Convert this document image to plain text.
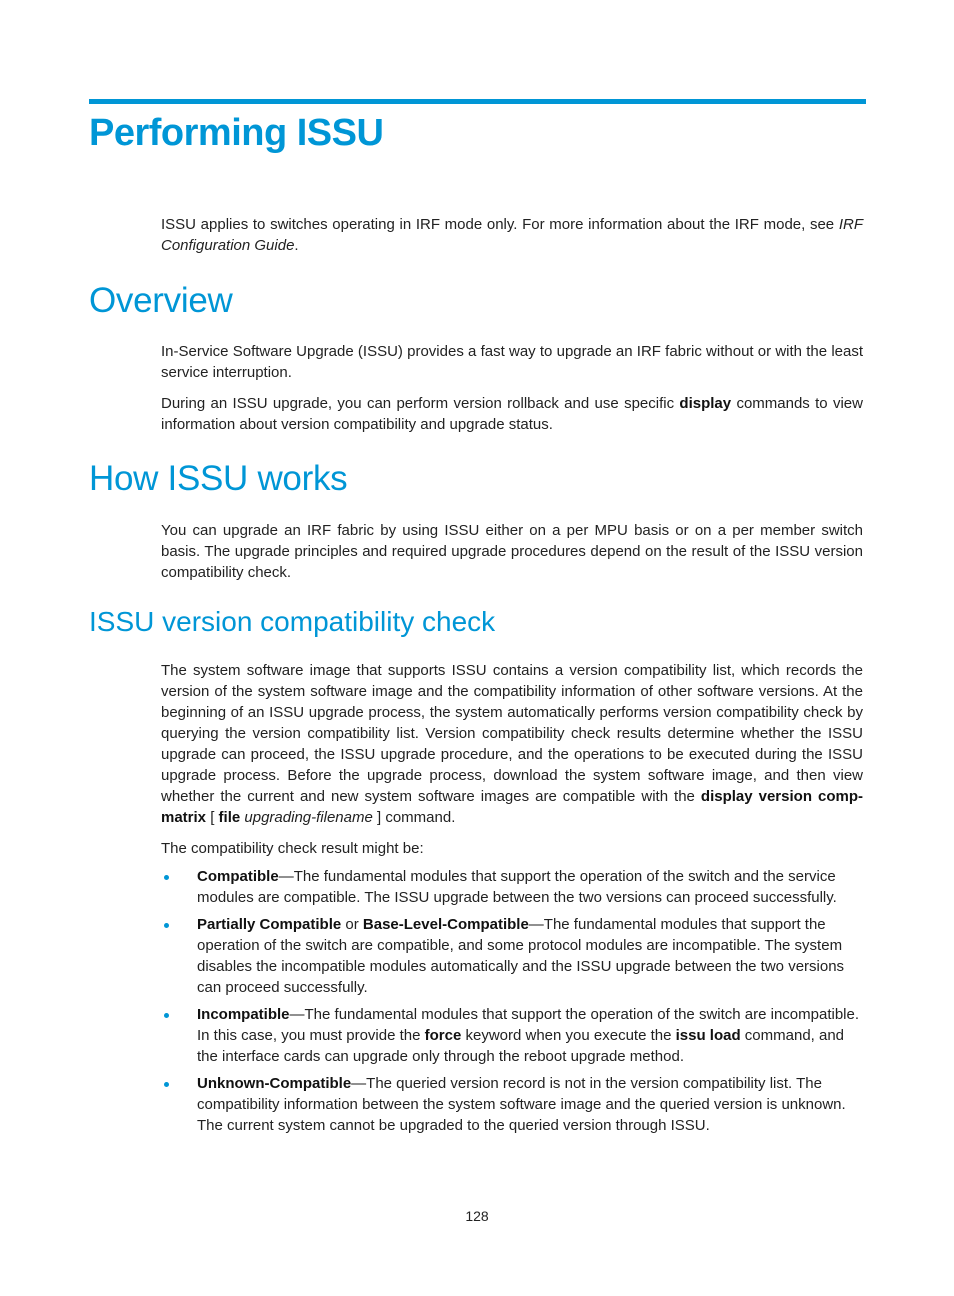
Performing ISSU

ISSU applies to switches operating in IRF mode only. For more information about the IRF mode, see IRF Configuration Guide.

Overview

In-Service Software Upgrade (ISSU) provides a fast way to upgrade an IRF fabric without or with the least service interruption.

During an ISSU upgrade, you can perform version rollback and use specific display commands to view information about version compatibility and upgrade status.

How ISSU works

You can upgrade an IRF fabric by using ISSU either on a per MPU basis or on a per member switch basis. The upgrade principles and required upgrade procedures depend on the result of the ISSU version compatibility check.

ISSU version compatibility check

The system software image that supports ISSU contains a version compatibility list, which records the version of the system software image and the compatibility information of other software versions. At the beginning of an ISSU upgrade process, the system automatically performs version compatibility check by querying the version compatibility list. Version compatibility check results determine whether the ISSU upgrade can proceed, the ISSU upgrade procedure, and the operations to be executed during the ISSU upgrade process. Before the upgrade process, download the system software image, and then view whether the current and new system software images are compatible with the display version comp-matrix [ file upgrading-filename ] command.

The compatibility check result might be:

Compatible—The fundamental modules that support the operation of the switch and the service modules are compatible. The ISSU upgrade between the two versions can proceed successfully.
Partially Compatible or Base-Level-Compatible—The fundamental modules that support the operation of the switch are compatible, and some protocol modules are incompatible. The system disables the incompatible modules automatically and the ISSU upgrade between the two versions can proceed successfully.
Incompatible—The fundamental modules that support the operation of the switch are incompatible. In this case, you must provide the force keyword when you execute the issu load command, and the interface cards can upgrade only through the reboot upgrade method.
Unknown-Compatible—The queried version record is not in the version compatibility list. The compatibility information between the system software image and the queried version is unknown. The current system cannot be upgraded to the queried version through ISSU.
128
